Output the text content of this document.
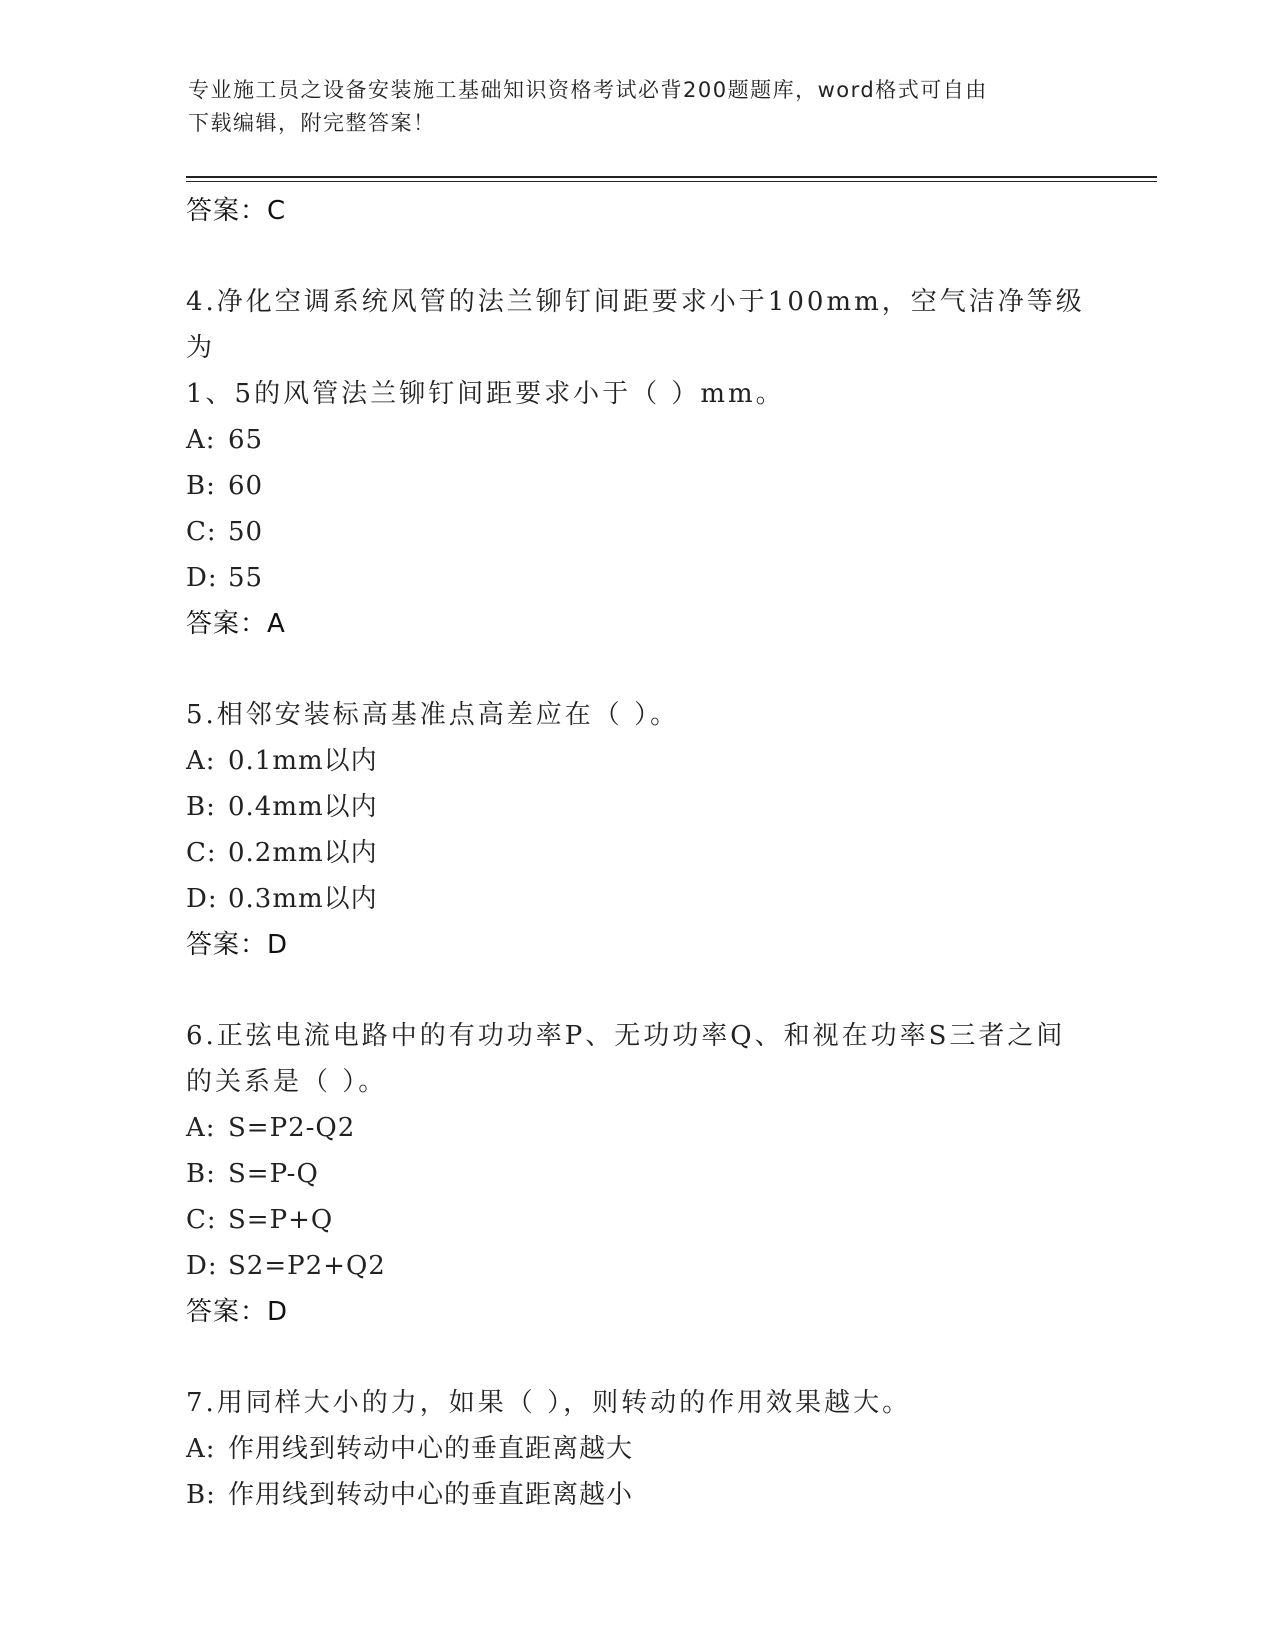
专业施工员之设备安装施工基础知识资格考试必背200题题库，word格式可自由
下载编辑，附完整答案！
答案：C
4.净化空调系统风管的法兰铆钉间距要求小于100mm，空气洁净等级为
1、5的风管法兰铆钉间距要求小于（ ）mm。
A: 65
B: 60
C: 50
D: 55
答案：A
5.相邻安装标高基准点高差应在（ ）。
A: 0.1mm以内
B: 0.4mm以内
C: 0.2mm以内
D: 0.3mm以内
答案：D
6.正弦电流电路中的有功功率P、无功功率Q、和视在功率S三者之间
的关系是（ ）。
A: S=P2-Q2
B: S=P-Q
C: S=P+Q
D: S2=P2+Q2
答案：D
7.用同样大小的力，如果（ ），则转动的作用效果越大。
A: 作用线到转动中心的垂直距离越大
B: 作用线到转动中心的垂直距离越小
